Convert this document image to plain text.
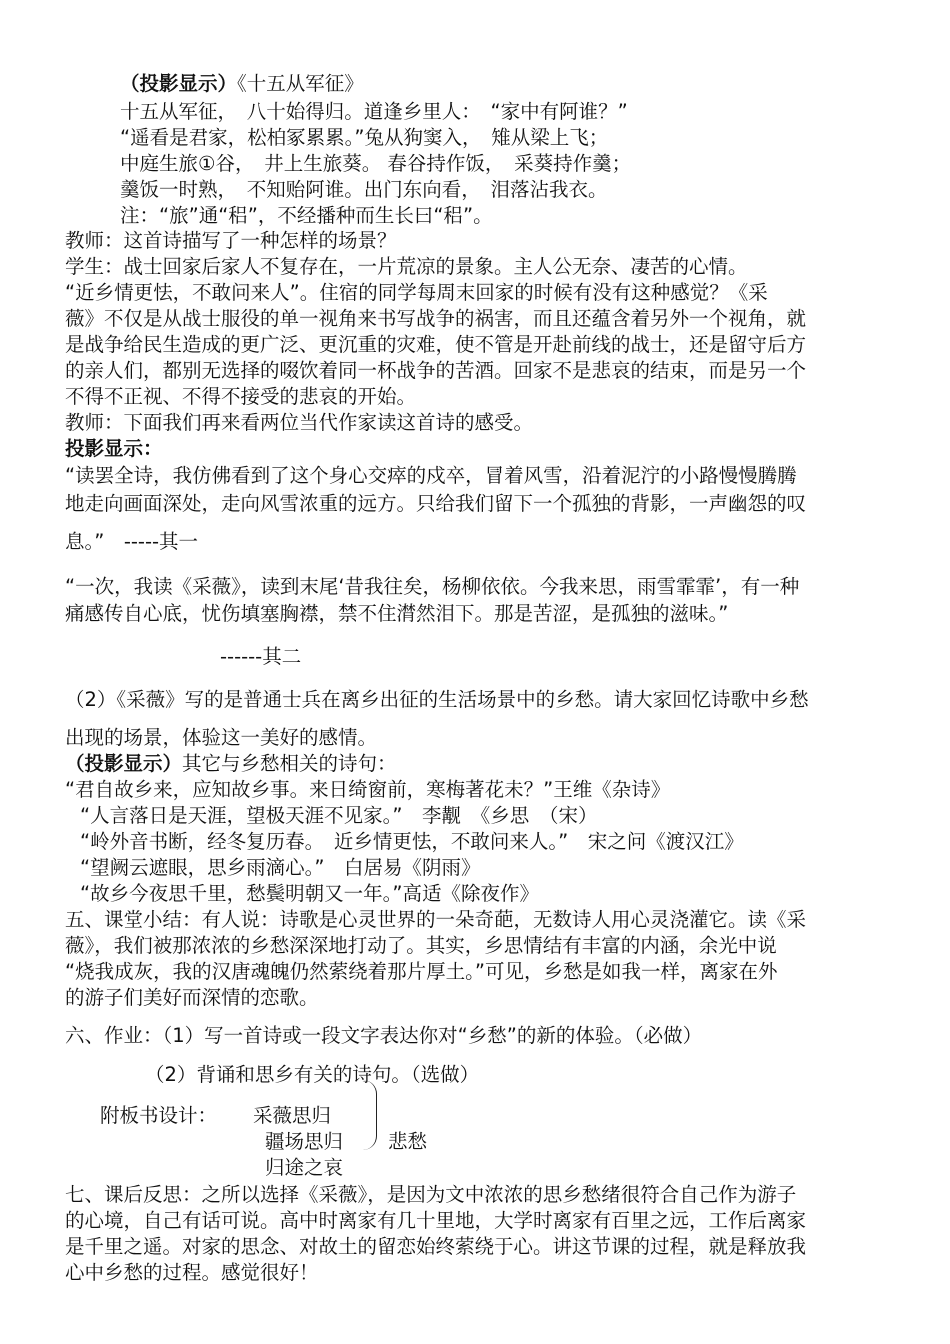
（投影显示）《十五从军征》
十五从军征，　八十始得归。道逢乡里人：　“家中有阿谁？”
“遥看是君家，松柏冢累累。”兔从狗窦入，　雉从梁上飞；
中庭生旅①谷，　井上生旅葵。 春谷持作饭，　采葵持作羹；
羹饭一时熟，　不知贻阿谁。出门东向看，　泪落沾我衣。
注：“旅”通“稆”，不经播种而生长曰“稆”。
教师：这首诗描写了一种怎样的场景？
学生：战士回家后家人不复存在，一片荒凉的景象。主人公无奈、凄苦的心情。
“近乡情更怯，不敢问来人”。住宿的同学每周末回家的时候有没有这种感觉？《采
薇》不仅是从战士服役的单一视角来书写战争的祸害，而且还蕴含着另外一个视角，就
是战争给民生造成的更广泛、更沉重的灾难，使不管是开赴前线的战士，还是留守后方
的亲人们，都别无选择的啜饮着同一杯战争的苦酒。回家不是悲哀的结束，而是另一个
不得不正视、不得不接受的悲哀的开始。
教师：下面我们再来看两位当代作家读这首诗的感受。
投影显示：
“读罢全诗，我仿佛看到了这个身心交瘁的戍卒，冒着风雪，沿着泥泞的小路慢慢腾腾
地走向画面深处，走向风雪浓重的远方。只给我们留下一个孤独的背影，一声幽怨的叹
息。”　-----其一
“一次，我读《采薇》，读到末尾‘昔我往矣，杨柳依依。今我来思，雨雪霏霏’，有一种
痛感传自心底，忧伤填塞胸襟，禁不住潸然泪下。那是苦涩，是孤独的滋味。”
------其二
（2）《采薇》写的是普通士兵在离乡出征的生活场景中的乡愁。请大家回忆诗歌中乡愁
出现的场景，体验这一美好的感情。
（投影显示）其它与乡愁相关的诗句：
“君自故乡来，应知故乡事。来日绮窗前，寒梅著花未？”王维《杂诗》
“人言落日是天涯，望极天涯不见家。”　李觏　《乡思　（宋）
“岭外音书断，经冬复历春。　近乡情更怯，不敢问来人。”　宋之问《渡汉江》
“望阙云遮眼，思乡雨滴心。”　白居易《阴雨》
“故乡今夜思千里，愁鬓明朝又一年。”高适《除夜作》
五、课堂小结：有人说：诗歌是心灵世界的一朵奇葩，无数诗人用心灵浇灌它。读《采
薇》，我们被那浓浓的乡愁深深地打动了。其实，乡思情结有丰富的内涵，余光中说
“烧我成灰，我的汉唐魂魄仍然萦绕着那片厚土。”可见，乡愁是如我一样，离家在外
的游子们美好而深情的恋歌。
六、作业：（1）写一首诗或一段文字表达你对“乡愁”的新的体验。（必做）
（2）背诵和思乡有关的诗句。（选做）
附板书设计： 采薇思归
疆场思归
归途之哀
悲愁
七、课后反思：之所以选择《采薇》，是因为文中浓浓的思乡愁绪很符合自己作为游子
的心境，自己有话可说。高中时离家有几十里地，大学时离家有百里之远，工作后离家
是千里之遥。对家的思念、对故土的留恋始终萦绕于心。讲这节课的过程，就是释放我
心中乡愁的过程。感觉很好！
